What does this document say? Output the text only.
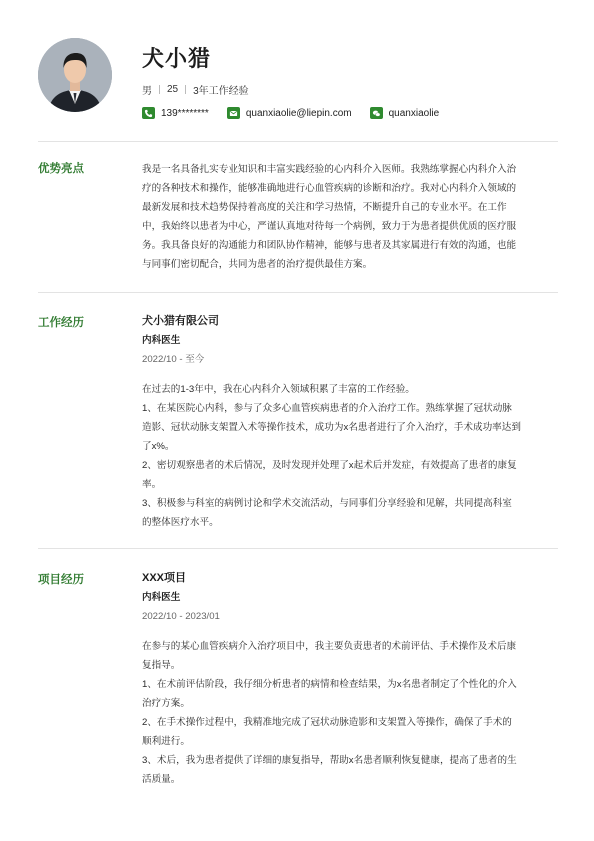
犬小猎
男 25 3年工作经验
139********	quanxiaolie@liepin.com	quanxiaolie
优势亮点	我是一名具备扎实专业知识和丰富实践经验的心内科介入医师。我熟练掌握心内科介入治

疗的各种技术和操作，能够准确地进行心血管疾病的诊断和治疗。我对心内科介入领域的

最新发展和技术趋势保持着高度的关注和学习热情，不断提升自己的专业水平。在工作

中，我始终以患者为中心，严谨认真地对待每一个病例，致力于为患者提供优质的医疗服

务。我具备良好的沟通能力和团队协作精神，能够与患者及其家属进行有效的沟通，也能

与同事们密切配合，共同为患者的治疗提供最佳方案。

工作经历	犬小猎有限公司

内科医生
2022/10 - 至今

在过去的1-3年中，我在心内科介入领域积累了丰富的工作经验。

1、在某医院心内科，参与了众多心血管疾病患者的介入治疗工作。熟练掌握了冠状动脉

造影、冠状动脉支架置入术等操作技术，成功为x名患者进行了介入治疗，手术成功率达到

了x%。

2、密切观察患者的术后情况，及时发现并处理了x起术后并发症，有效提高了患者的康复

率。

3、积极参与科室的病例讨论和学术交流活动，与同事们分享经验和见解，共同提高科室

的整体医疗水平。

项目经历	XXX项目

内科医生
2022/10 - 2023/01

在参与的某心血管疾病介入治疗项目中，我主要负责患者的术前评估、手术操作及术后康

复指导。

1、在术前评估阶段，我仔细分析患者的病情和检查结果，为x名患者制定了个性化的介入

治疗方案。

2、在手术操作过程中，我精准地完成了冠状动脉造影和支架置入等操作，确保了手术的

顺利进行。

3、术后，我为患者提供了详细的康复指导，帮助x名患者顺利恢复健康，提高了患者的生

活质量。
